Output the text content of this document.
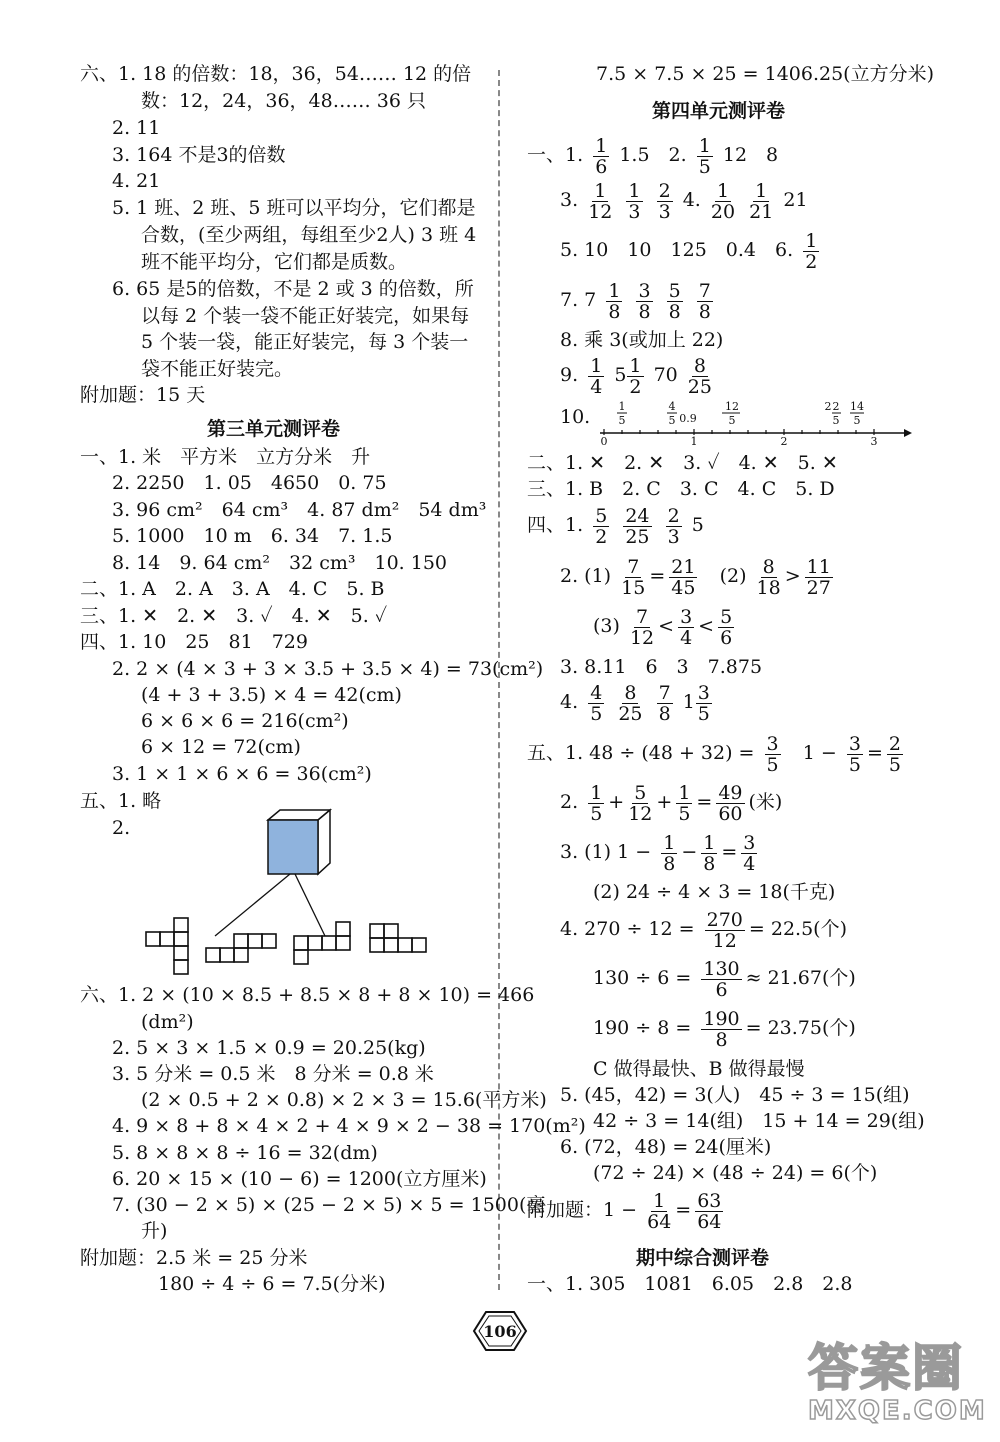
六、1. 18 的倍数：18，36，54…… 12 的倍
数：12，24，36，48…… 36 只
2. 11
3. 164 不是3的倍数
4. 21
5. 1 班、2 班、5 班可以平均分，它们都是
合数，(至少两组，每组至少2人) 3 班 4
班不能平均分，它们都是质数。
6. 65 是5的倍数，不是 2 或 3 的倍数，所
以每 2 个装一袋不能正好装完，如果每
5 个装一袋，能正好装完，每 3 个装一
袋不能正好装完。
附加题：15 天
第三单元测评卷
一、1. 米　平方米　立方分米　升
2. 2250　1. 05　4650　0. 75
3. 96 cm²　64 cm³　4. 87 dm²　54 dm³
5. 1000　10 m　6. 34　7. 1.5
8. 14　9. 64 cm²　32 cm³　10. 150
二、1. A　2. A　3. A　4. C　5. B
三、1. ✕　2. ✕　3. ✓　4. ✕　5. ✓
四、1. 10　25　81　729
2. 2 × (4 × 3 + 3 × 3.5 + 3.5 × 4) = 73(cm²)
(4 + 3 + 3.5) × 4 = 42(cm)
6 × 6 × 6 = 216(cm²)
6 × 12 = 72(cm)
3. 1 × 1 × 6 × 6 = 36(cm²)
五、1. 略
2.
六、1. 2 × (10 × 8.5 + 8.5 × 8 + 8 × 10) = 466
(dm²)
2. 5 × 3 × 1.5 × 0.9 = 20.25(kg)
3. 5 分米 = 0.5 米　8 分米 = 0.8 米
(2 × 0.5 + 2 × 0.8) × 2 × 3 = 15.6(平方米)
4. 9 × 8 + 8 × 4 × 2 + 4 × 9 × 2 − 38 = 170(m²)
5. 8 × 8 × 8 ÷ 16 = 32(dm)
6. 20 × 15 × (10 − 6) = 1200(立方厘米)
7. (30 − 2 × 5) × (25 − 2 × 5) × 5 = 1500(毫
升)
附加题：2.5 米 = 25 分米
180 ÷ 4 ÷ 6 = 7.5(分米)
7.5 × 7.5 × 25 = 1406.25(立方分米)
第四单元测评卷
一、1. $\frac{1}{6} 1.5$　2. $\frac{1}{5} 12$　8
3. $\frac{1}{12}$
$\frac{1}{3}$
$\frac{2}{3} 4$. $\frac{1}{20}$
$\frac{1}{21} 21$
5. 10　10　125　0.4　6. $\frac{1}{2}$
7. $7 \frac{1}{8}$
$\frac{3}{8}$
$\frac{5}{8}$
$\frac{7}{8}$
8. 乘 3(或加上 22)
9. $\frac{1}{4} 5 \frac{1}{2} 70 \frac{8}{25}$
10.
0	1	2	3
1
5
4
5 0.9
12
5
2 2
5
14
5
二、1. ✕　2. ✕　3. ✓　4. ✕　5. ✕
三、1. B　2. C　3. C　4. C　5. D
四、1. $\frac{5}{2}$
$\frac{24}{25}$
$\frac{2}{3} 5$
2. $(1) \frac{7}{15} = \frac{21}{45} (2) \frac{8}{18} > \frac{11}{27}$
$(3) \frac{7}{12} < \frac{3}{4} < \frac{5}{6}$
3. 8.11　6　3　7.875
4. $\frac{4}{5}$
$\frac{8}{25}$
$\frac{7}{8} 1 \frac{3}{5}$
五、1. $48 \div (48 + 32) = \frac{3}{5} 1 - \frac{3}{5} = \frac{2}{5}$
2. $\frac{1}{5} + \frac{5}{12} + \frac{1}{5} = \frac{49}{60}$ (米)
3. (1) $1 - \frac{1}{8} - \frac{1}{8} = \frac{3}{4}$
(2) 24 ÷ 4 × 3 = 18(千克)
4. $270 \div 12 = \frac{270}{12} = 22.5$(个)
$130 \div 6 = \frac{130}{6} \approx 21.67$(个)
$190 \div 8 = \frac{190}{8} = 23.75$(个)
C 做得最快、B 做得最慢
5. (45，42) = 3(人)　45 ÷ 3 = 15(组)
42 ÷ 3 = 14(组)　15 + 14 = 29(组)
6. (72，48) = 24(厘米)
(72 ÷ 24) × (48 ÷ 24) = 6(个)
附加题：$1 - \frac{1}{64} = \frac{63}{64}$
期中综合测评卷
一、1. 305　1081　6.05　2.8　2.8
106
答案圈
MXQE.COM
